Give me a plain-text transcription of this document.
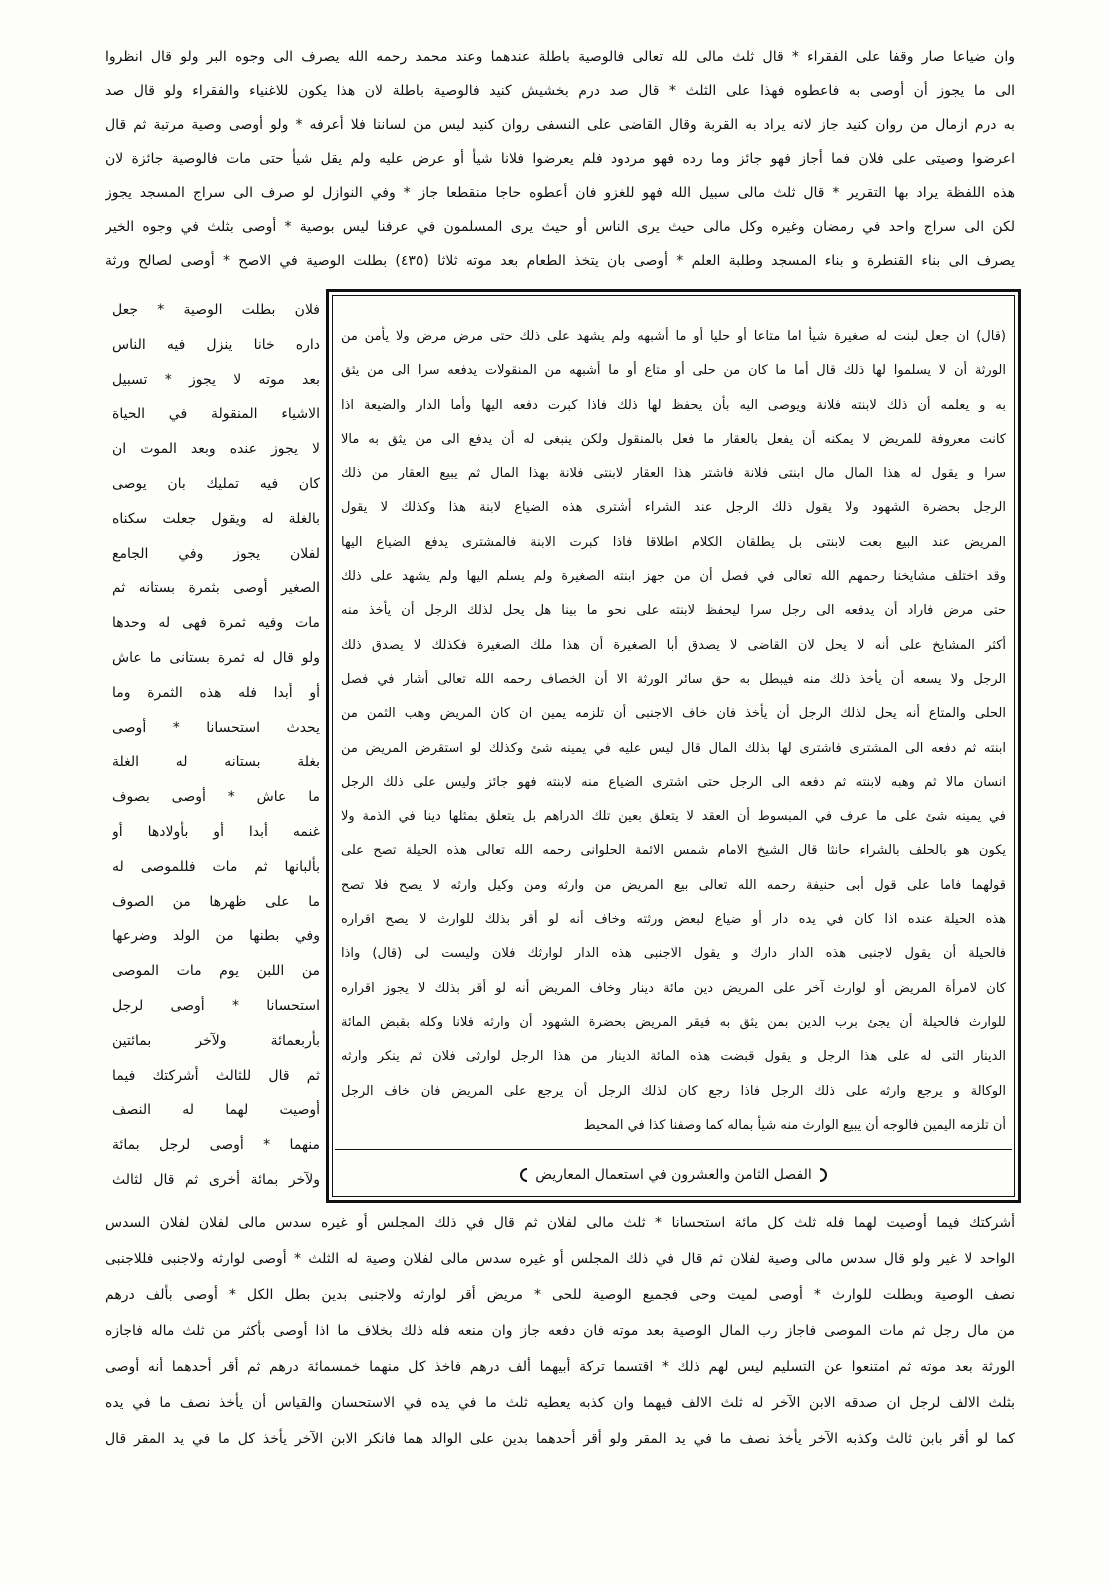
وان ضياعا صار وقفا على الفقراء * قال ثلث مالى لله تعالى فالوصية باطلة عندهما وعند محمد رحمه الله يصرف الى وجوه البر ولو قال انظروا
الى ما يجوز أن أوصى به فاعطوه فهذا على الثلث * قال صد درم بخشيش كنيد فالوصية باطلة لان هذا يكون للاغنياء والفقراء ولو قال صد
به درم ازمال من روان كنيد جاز لانه يراد به القربة وقال القاضى على النسفى روان كنيد ليس من لساننا فلا أعرفه * ولو أوصى وصية مرتبة ثم قال
اعرضوا وصيتى على فلان فما أجاز فهو جائز وما رده فهو مردود فلم يعرضوا فلانا شيأ أو عرض عليه ولم يقل شيأ حتى مات فالوصية جائزة لان
هذه اللفظة يراد بها التقرير * قال ثلث مالى سبيل الله فهو للغزو فان أعطوه حاجا منقطعا جاز * وفي النوازل لو صرف الى سراج المسجد يجوز
لكن الى سراج واحد في رمضان وغيره وكل مالى حيث يرى الناس أو حيث يرى المسلمون في عرفنا ليس بوصية * أوصى بثلث في وجوه الخير
يصرف الى بناء القنطرة و بناء المسجد وطلبة العلم * أوصى بان يتخذ الطعام بعد موته ثلاثا (٤٣٥) بطلت الوصية في الاصح * أوصى لصالح ورثة
(قال) ان جعل لبنت له صغيرة شيأ اما متاعا أو حليا أو ما أشبهه ولم يشهد على ذلك حتى مرض مرض ولا يأمن من
الورثة أن لا يسلموا لها ذلك قال أما ما كان من حلى أو متاع أو ما أشبهه من المنقولات يدفعه سرا الى من يثق
به و يعلمه أن ذلك لابنته فلانة ويوصى اليه بأن يحفظ لها ذلك فاذا كبرت دفعه اليها وأما الدار والضيعة اذا
كانت معروفة للمريض لا يمكنه أن يفعل بالعقار ما فعل بالمنقول ولكن ينبغى له أن يدفع الى من يثق به مالا
سرا و يقول له هذا المال مال ابنتى فلانة فاشتر هذا العقار لابنتى فلانة بهذا المال ثم يبيع العقار من ذلك
الرجل بحضرة الشهود ولا يقول ذلك الرجل عند الشراء أشترى هذه الضياع لابنة هذا وكذلك لا يقول
المريض عند البيع بعت لابنتى بل يطلقان الكلام اطلاقا فاذا كبرت الابنة فالمشترى يدفع الضياع اليها
وقد اختلف مشايخنا رحمهم الله تعالى في فصل أن من جهز ابنته الصغيرة ولم يسلم اليها ولم يشهد على ذلك
حتى مرض فاراد أن يدفعه الى رجل سرا ليحفظ لابنته على نحو ما بينا هل يحل لذلك الرجل أن يأخذ منه
أكثر المشايخ على أنه لا يحل لان القاضى لا يصدق أبا الصغيرة أن هذا ملك الصغيرة فكذلك لا يصدق ذلك
الرجل ولا يسعه أن يأخذ ذلك منه فيبطل به حق سائر الورثة الا أن الخصاف رحمه الله تعالى أشار في فصل
الحلى والمتاع أنه يحل لذلك الرجل أن يأخذ فان خاف الاجنبى أن تلزمه يمين ان كان المريض وهب الثمن من
ابنته ثم دفعه الى المشترى فاشترى لها بذلك المال قال ليس عليه في يمينه شئ وكذلك لو استقرض المريض من
انسان مالا ثم وهبه لابنته ثم دفعه الى الرجل حتى اشترى الضياع منه لابنته فهو جائز وليس على ذلك الرجل
في يمينه شئ على ما عرف في المبسوط أن العقد لا يتعلق بعين تلك الدراهم بل يتعلق بمثلها دينا في الذمة ولا
يكون هو بالحلف بالشراء حانثا قال الشيخ الامام شمس الائمة الحلوانى رحمه الله تعالى هذه الحيلة تصح على
قولهما فاما على قول أبى حنيفة رحمه الله تعالى بيع المريض من وارثه ومن وكيل وارثه لا يصح فلا تصح
هذه الحيلة عنده اذا كان في يده دار أو ضياع لبعض ورثته وخاف أنه لو أقر بذلك للوارث لا يصح اقراره
فالحيلة أن يقول لاجنبى هذه الدار دارك و يقول الاجنبى هذه الدار لوارثك فلان وليست لى (قال) واذا
كان لامرأة المريض أو لوارث آخر على المريض دين مائة دينار وخاف المريض أنه لو أقر بذلك لا يجوز اقراره
للوارث فالحيلة أن يجئ برب الدين بمن يثق به فيقر المريض بحضرة الشهود أن وارثه فلانا وكله بقبض المائة
الدينار التى له على هذا الرجل و يقول قبضت هذه المائة الدينار من هذا الرجل لوارثى فلان ثم ينكر وارثه
الوكالة و يرجع وارثه على ذلك الرجل فاذا رجع كان لذلك الرجل أن يرجع على المريض فان خاف الرجل
أن تلزمه اليمين فالوجه أن يبيع الوارث منه شيأ بماله كما وصفنا كذا في المحيط
الفصل الثامن والعشرون في استعمال المعاريض
فلان بطلت الوصية * جعل
داره خانا ينزل فيه الناس
بعد موته لا يجوز * تسبيل
الاشياء المنقولة في الحياة
لا يجوز عنده وبعد الموت ان
كان فيه تمليك بان يوصى
بالغلة له ويقول جعلت سكناه
لفلان يجوز وفي الجامع
الصغير أوصى بثمرة بستانه ثم
مات وفيه ثمرة فهى له وحدها
ولو قال له ثمرة بستانى ما عاش
أو أبدا فله هذه الثمرة وما
يحدث استحسانا * أوصى
بغلة بستانه له الغلة
ما عاش * أوصى بصوف
غنمه أبدا أو بأولادها أو
بألبانها ثم مات فللموصى له
ما على ظهرها من الصوف
وفي بطنها من الولد وضرعها
من اللبن يوم مات الموصى
استحسانا * أوصى لرجل
بأربعمائة ولآخر بمائتين
ثم قال للثالث أشركتك فيما
أوصيت لهما له النصف
منهما * أوصى لرجل بمائة
ولآخر بمائة أخرى ثم قال لثالث
أشركتك فيما أوصيت لهما فله ثلث كل مائة استحسانا * ثلث مالى لفلان ثم قال في ذلك المجلس أو غيره سدس مالى لفلان لفلان السدس
الواحد لا غير ولو قال سدس مالى وصية لفلان ثم قال في ذلك المجلس أو غيره سدس مالى لفلان وصية له الثلث * أوصى لوارثه ولاجنبى فللاجنبى
نصف الوصية وبطلت للوارث * أوصى لميت وحى فجميع الوصية للحى * مريض أقر لوارثه ولاجنبى بدين بطل الكل * أوصى بألف درهم
من مال رجل ثم مات الموصى فاجاز رب المال الوصية بعد موته فان دفعه جاز وان منعه فله ذلك بخلاف ما اذا أوصى بأكثر من ثلث ماله فاجازه
الورثة بعد موته ثم امتنعوا عن التسليم ليس لهم ذلك * اقتسما تركة أبيهما ألف درهم فاخذ كل منهما خمسمائة درهم ثم أقر أحدهما أنه أوصى
بثلث الالف لرجل ان صدقه الابن الآخر له ثلث الالف فيهما وان كذبه يعطيه ثلث ما في يده في الاستحسان والقياس أن يأخذ نصف ما في يده
كما لو أقر بابن ثالث وكذبه الآخر يأخذ نصف ما في يد المقر ولو أقر أحدهما بدين على الوالد هما فانكر الابن الآخر يأخذ كل ما في يد المقر قال
